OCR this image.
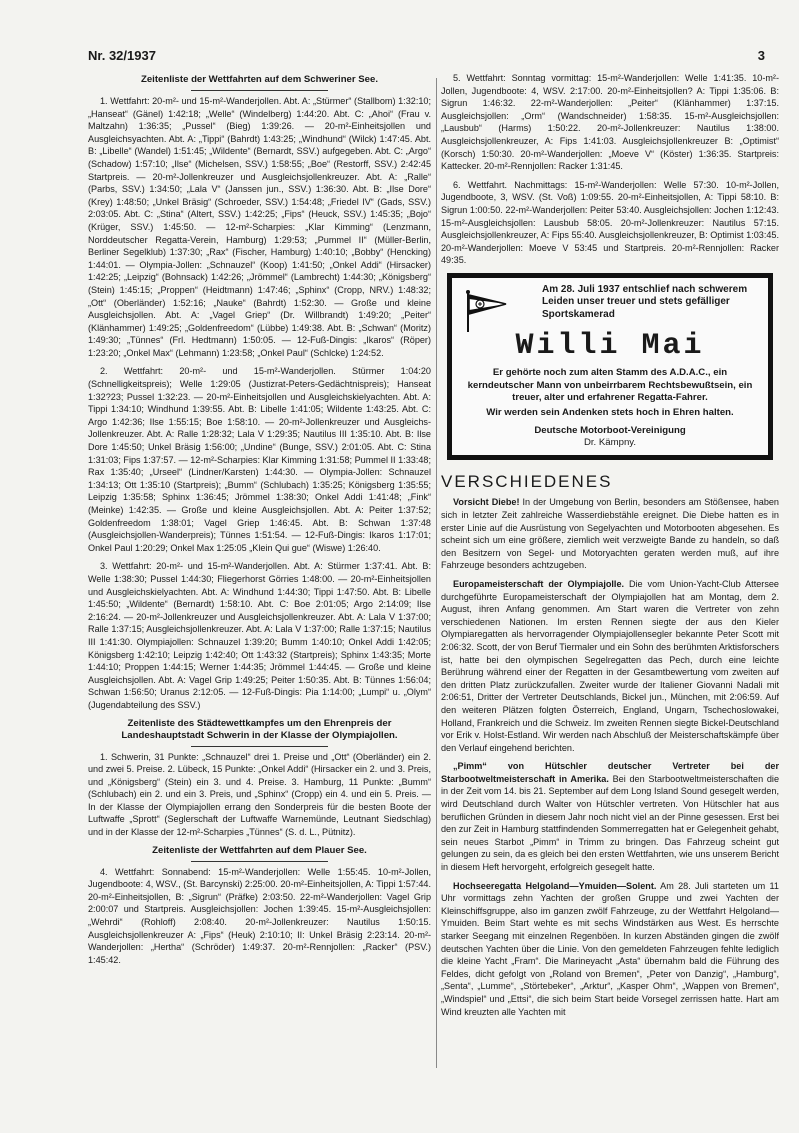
Nr. 32/1937	3
Zeitenliste der Wettfahrten auf dem Schweriner See.

1. Wettfahrt: 20-m²- und 15-m²-Wanderjollen. Abt. A: „Stürmer“ (Stallbom) 1:32:10; „Hanseat“ (Gänel) 1:42:18; „Welle“ (Windelberg) 1:44:20. Abt. C: „Ahoi“ (Frau v. Maltzahn) 1:36:35; „Pussel“ (Bieg) 1:39:26. — 20-m²-Einheitsjollen und Ausgleichsyachten. Abt. A: „Tippi“ (Bahrdt) 1:43:25; „Windhund“ (Wilck) 1:47:45. Abt. B: „Libelle“ (Wandel) 1:51:45; „Wildente“ (Bernardt, SSV.) aufgegeben. Abt. C: „Argo“ (Schadow) 1:57:10; „Ilse“ (Michelsen, SSV.) 1:58:55; „Boe“ (Restorff, SSV.) 2:42:45 Startpreis. — 20-m²-Jollenkreuzer und Ausgleichsjollenkreuzer. Abt. A: „Ralle“ (Parbs, SSV.) 1:34:50; „Lala V“ (Janssen jun., SSV.) 1:36:30. Abt. B: „Ilse Dore“ (Krey) 1:48:50; „Unkel Bräsig“ (Schroeder, SSV.) 1:54:48; „Friedel IV“ (Gads, SSV.) 2:03:05. Abt. C: „Stina“ (Altert, SSV.) 1:42:25; „Fips“ (Heuck, SSV.) 1:45:35; „Bojo“ (Krüger, SSV.) 1:45:50. — 12-m²-Scharpies: „Klar Kimming“ (Lenzmann, Norddeutscher Regatta-Verein, Hamburg) 1:29:53; „Pummel II“ (Müller-Berlin, Berliner Segelklub) 1:37:30; „Rax“ (Fischer, Hamburg) 1:40:10; „Bobby“ (Hencking) 1:44:01. — Olympia-Jollen: „Schnauzel“ (Koop) 1:41:50; „Onkel Addi“ (Hirsacker) 1:42:25; „Leipzig“ (Bohnsack) 1:42:26; „Jrömmel“ (Lambrecht) 1:44:30; „Königsberg“ (Stein) 1:45:15; „Proppen“ (Heidtmann) 1:47:46; „Sphinx“ (Cropp, NRV.) 1:48:32; „Ott“ (Oberländer) 1:52:16; „Nauke“ (Bahrdt) 1:52:30. — Große und kleine Ausgleichsjollen. Abt. A: „Vagel Griep“ (Dr. Willbrandt) 1:49:20; „Peiter“ (Klänhammer) 1:49:25; „Goldenfreedom“ (Lübbe) 1:49:38. Abt. B: „Schwan“ (Moritz) 1:49:30; „Tünnes“ (Frl. Hedtmann) 1:50:05. — 12-Fuß-Dingis: „Ikaros“ (Röper) 1:23:20; „Onkel Max“ (Lehmann) 1:23:58; „Onkel Paul“ (Schlcke) 1:24:52.

2. Wettfahrt: 20-m²- und 15-m²-Wanderjollen. Stürmer 1:04:20 (Schnelligkeitspreis); Welle 1:29:05 (Justizrat-Peters-Gedächtnispreis); Hanseat 1:32?23; Pussel 1:32:23. — 20-m²-Einheitsjollen und Ausgleichskielyachten. Abt. A: Tippi 1:34:10; Windhund 1:39:55. Abt. B: Libelle 1:41:05; Wildente 1:43:25. Abt. C: Argo 1:42:36; Ilse 1:55:15; Boe 1:58:10. — 20-m²-Jollenkreuzer und Ausgleichs-Jollenkreuzer. Abt. A: Ralle 1:28:32; Lala V 1:29:35; Nautilus III 1:35:10. Abt. B: Ilse Dore 1:45:50; Unkel Bräsig 1:56:00; „Undine“ (Bunge, SSV.) 2:01:05. Abt. C: Stina 1:31:03; Fips 1:37:57. — 12-m²-Scharpies: Klar Kimming 1:31:58; Pummel II 1:33:48; Rax 1:35:40; „Urseel“ (Lindner/Karsten) 1:44:30. — Olympia-Jollen: Schnauzel 1:34:13; Ott 1:35:10 (Startpreis); „Bumm“ (Schlubach) 1:35:25; Königsberg 1:35:55; Leipzig 1:35:58; Sphinx 1:36:45; Jrömmel 1:38:30; Onkel Addi 1:41:48; „Fink“ (Meinke) 1:42:35. — Große und kleine Ausgleichsjollen. Abt. A: Peiter 1:37:52; Goldenfreedom 1:38:01; Vagel Griep 1:46:45. Abt. B: Schwan 1:37:48 (Ausgleichsjollen-Wanderpreis); Tünnes 1:51:54. — 12-Fuß-Dingis: Ikaros 1:17:01; Onkel Paul 1:20:29; Onkel Max 1:25:05 „Klein Qui gue“ (Wiswe) 1:26:40.

3. Wettfahrt: 20-m²- und 15-m²-Wanderjollen. Abt. A: Stürmer 1:37:41. Abt. B: Welle 1:38:30; Pussel 1:44:30; Fliegerhorst Görries 1:48:00. — 20-m²-Einheitsjollen und Ausgleichskielyachten. Abt. A: Windhund 1:44:30; Tippi 1:47:50. Abt. B: Libelle 1:45:50; „Wildente“ (Bernardt) 1:58:10. Abt. C: Boe 2:01:05; Argo 2:14:09; Ilse 2:16:24. — 20-m²-Jollenkreuzer und Ausgleichsjollenkreuzer. Abt. A: Lala V 1:37:00; Ralle 1:37:15; Ausgleichsjollenkreuzer. Abt. A: Lala V 1:37:00; Ralle 1:37:15; Nautilus III 1:41:30. Olympiajollen: Schnauzel 1:39:20; Bumm 1:40:10; Onkel Addi 1:42:05; Königsberg 1:42:10; Leipzig 1:42:40; Ott 1:43:32 (Startpreis); Sphinx 1:43:35; Morte 1:44:10; Proppen 1:44:15; Werner 1:44:35; Jrömmel 1:44:45. — Große und kleine Ausgleichsjollen. Abt. A: Vagel Grip 1:49:25; Peiter 1:50:35. Abt. B: Tünnes 1:56:04; Schwan 1:56:50; Uranus 2:12:05. — 12-Fuß-Dingis: Pia 1:14:00; „Lumpi“ u. „Olym“ (Jugendabteilung des SSV.)

Zeitenliste des Städtewettkampfes um den Ehrenpreis der Landeshauptstadt Schwerin in der Klasse der Olympiajollen.

1. Schwerin, 31 Punkte: „Schnauzel“ drei 1. Preise und „Ott“ (Oberländer) ein 2. und zwei 5. Preise. 2. Lübeck, 15 Punkte: „Onkel Addi“ (Hirsacker ein 2. und 3. Preis, und „Königsberg“ (Stein) ein 3. und 4. Preise. 3. Hamburg, 11 Punkte: „Bumm“ (Schlubach) ein 2. und ein 3. Preis, und „Sphinx“ (Cropp) ein 4. und ein 5. Preis. — In der Klasse der Olympiajollen errang den Sonderpreis für die besten Boote der Luftwaffe „Sprott“ (Seglerschaft der Luftwaffe Warnemünde, Leutnant Siedschlag) und in der Klasse der 12-m²-Scharpies „Tünnes“ (S. d. L., Pütnitz).

Zeitenliste der Wettfahrten auf dem Plauer See.

4. Wettfahrt: Sonnabend: 15-m²-Wanderjollen: Welle 1:55:45. 10-m²-Jollen, Jugendboote: 4, WSV., (St. Barcynski) 2:25:00. 20-m²-Einheitsjollen, A: Tippi 1:57:44. 20-m²-Einheitsjollen, B: „Sigrun“ (Präfke) 2:03:50. 22-m²-Wanderjollen: Vagel Grip 2:00:07 und Startpreis. Ausgleichsjollen: Jochen 1:39:45. 15-m²-Ausgleichsjollen: „Wehrdi“ (Rohloff) 2:08:40. 20-m²-Jollenkreuzer: Nautilus 1:50:15. Ausgleichsjollenkreuzer A: „Fips“ (Heuk) 2:10:10; II: Unkel Bräsig 2:23:14. 20-m²-Wanderjollen: „Hertha“ (Schröder) 1:49:37. 20-m²-Rennjollen: „Racker“ (PSV.) 1:45:42.

5. Wettfahrt: Sonntag vormittag: 15-m²-Wanderjollen: Welle 1:41:35. 10-m²-Jollen, Jugendboote: 4, WSV. 2:17:00. 20-m²-Einheitsjollen? A: Tippi 1:35:06. B: Sigrun 1:46:32. 22-m²-Wanderjollen: „Peiter“ (Klänhammer) 1:37:15. Ausgleichsjollen: „Orm“ (Wandschneider) 1:58:35. 15-m²-Ausgleichsjollen: „Lausbub“ (Harms) 1:50:22. 20-m²-Jollenkreuzer: Nautilus 1:38:00. Ausgleichsjollenkreuzer, A: Fips 1:41:03. Ausgleichsjollenkreuzer B: „Optimist“ (Korsch) 1:50:30. 20-m²-Wanderjollen: „Moeve V“ (Köster) 1:36:35. Startpreis: Kattecker. 20-m²-Rennjollen: Racker 1:31:45.

6. Wettfahrt. Nachmittags: 15-m²-Wanderjollen: Welle 57:30. 10-m²-Jollen, Jugendboote, 3, WSV. (St. Voß) 1:09:55. 20-m²-Einheitsjollen, A: Tippi 58:10. B: Sigrun 1:00:50. 22-m²-Wanderjollen: Peiter 53:40. Ausgleichsjollen: Jochen 1:12:43. 15-m²-Ausgleichsjollen: Lausbub 58:05. 20-m²-Jollenkreuzer: Nautilus 57:15. Ausgleichsjollenkreuzer, A: Fips 55:40. Ausgleichsjollenkreuzer, B: Optimist 1:03:45. 20-m²-Wanderjollen: Moeve V 53:45 und Startpreis. 20-m²-Rennjollen: Racker 49:35.

Am 28. Juli 1937 entschlief nach schwerem Leiden unser treuer und stets gefälliger Sportskamerad
Willi Mai
Er gehörte noch zum alten Stamm des A.D.A.C., ein kerndeutscher Mann von unbeirrbarem Rechtsbewußtsein, ein treuer, alter und erfahrener Regatta-Fahrer.
Wir werden sein Andenken stets hoch in Ehren halten.
Deutsche Motorboot-Vereinigung
Dr. Kämpny.
VERSCHIEDENES

Vorsicht Diebe! In der Umgebung von Berlin, besonders am Stößensee, haben sich in letzter Zeit zahlreiche Wasserdiebstähle ereignet. Die Diebe hatten es in erster Linie auf die Ausrüstung von Segelyachten und Motorbooten abgesehen. Es scheint sich um eine größere, ziemlich weit verzweigte Bande zu handeln, so daß den Besitzern von Segel- und Motoryachten geraten werden muß, auf ihre Fahrzeuge besonders achtzugeben.

Europameisterschaft der Olympiajolle. Die vom Union-Yacht-Club Attersee durchgeführte Europameisterschaft der Olympiajollen hat am Montag, dem 2. August, ihren Anfang genommen. Am Start waren die Vertreter von zehn verschiedenen Nationen. Im ersten Rennen siegte der aus den Kieler Olympiaregatten als hervorragender Olympiajollensegler bekannte Peter Scott mit 2:06:32. Scott, der von Beruf Tiermaler und ein Sohn des berühmten Arktisforschers ist, hatte bei den olympischen Segelregatten das Pech, durch eine leichte Berührung während einer der Regatten in der Gesamtbewertung vom zweiten auf den dritten Platz zurückzufallen. Zweiter wurde der Italiener Giovanni Nadali mit 2:06:51, Dritter der Vertreter Deutschlands, Bickel jun., München, mit 2:06:59. Auf den weiteren Plätzen folgten Österreich, England, Ungarn, Tschechoslowakei, Holland, Frankreich und die Schweiz. Im zweiten Rennen siegte Bickel-Deutschland vor Erik v. Holst-Estland. Wir werden nach Abschluß der Meisterschaftskämpfe über den Verlauf eingehend berichten.

„Pimm“ von Hütschler deutscher Vertreter bei der Starbootweltmeisterschaft in Amerika. Bei den Starbootweltmeisterschaften die in der Zeit vom 14. bis 21. September auf dem Long Island Sound gesegelt werden, wird Deutschland durch Walter von Hütschler vertreten. Von Hütschler hat aus beruflichen Gründen in diesem Jahr noch nicht viel an der Pinne gesessen. Erst bei den zur Zeit in Hamburg stattfindenden Sommerregatten hat er Gelegenheit gehabt, sein neues Starbot „Pimm“ in Trimm zu bringen. Das Fahrzeug scheint gut gelungen zu sein, da es gleich bei den ersten Wettfahrten, wie uns unserem Bericht in diesem Heft hervorgeht, erfolgreich gesegelt hatte.

Hochseeregatta Helgoland—Ymuiden—Solent. Am 28. Juli starteten um 11 Uhr vormittags zehn Yachten der großen Gruppe und zwei Yachten der Kleinschiffsgruppe, also im ganzen zwölf Fahrzeuge, zu der Wettfahrt Helgoland—Ymuiden. Beim Start wehte es mit sechs Windstärken aus West. Es herrschte starker Seegang mit einzelnen Regenböen. In kurzen Abständen gingen die zwölf deutschen Yachten über die Linie. Von den gemeldeten Fahrzeugen fehlte lediglich die kleine Yacht „Fram“. Die Marineyacht „Asta“ übernahm bald die Führung des Feldes, dicht gefolgt von „Roland von Bremen“, „Peter von Danzig“, „Hamburg“, „Senta“, „Lumme“, „Störtebeker“, „Arktur“, „Kasper Ohm“, „Wappen von Bremen“, „Windspiel“ und „Ettsi“, die sich beim Start beide Vorsegel zerrissen hatte. Hart am Wind kreuzten alle Yachten mit
